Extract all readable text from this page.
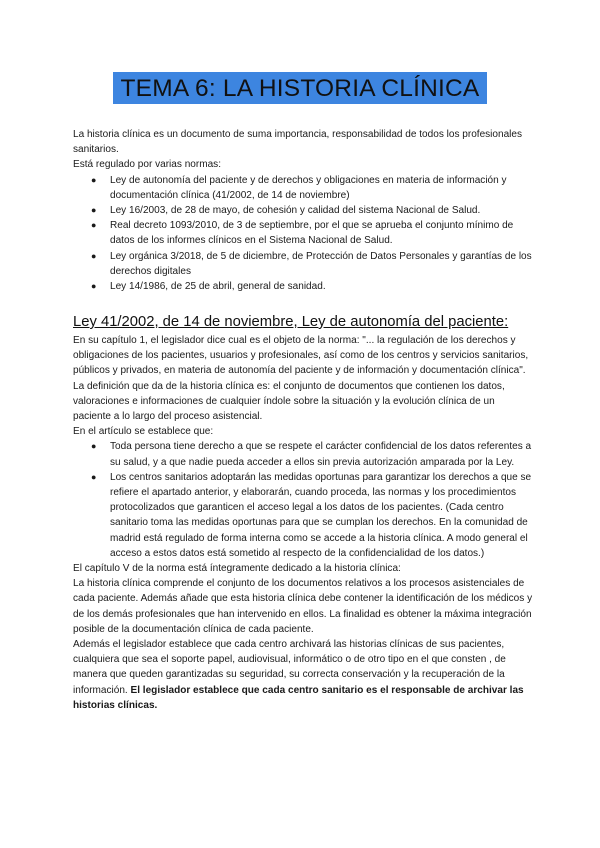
TEMA 6: LA HISTORIA CLÍNICA

La historia clínica es un documento de suma importancia, responsabilidad de todos los profesionales sanitarios.

Está regulado por varias normas:

● Ley de autonomía del paciente y de derechos y obligaciones en materia de información y documentación clínica (41/2002, de 14 de noviembre)
● Ley 16/2003, de 28 de mayo, de cohesión y calidad del sistema Nacional de Salud.
● Real decreto 1093/2010, de 3 de septiembre, por el que se aprueba el conjunto mínimo de datos de los informes clínicos en el Sistema Nacional de Salud.
● Ley orgánica 3/2018, de 5 de diciembre, de Protección de Datos Personales y garantías de los derechos digitales
● Ley 14/1986, de 25 de abril, general de sanidad.
Ley 41/2002, de 14 de noviembre, Ley de autonomía del paciente:

En su capítulo 1, el legislador dice cual es el objeto de la norma: "... la regulación de los derechos y obligaciones de los pacientes, usuarios y profesionales, así como de los centros y servicios sanitarios, públicos y privados, en materia de autonomía del paciente y de información y documentación clínica".

La definición que da de la historia clínica es: el conjunto de documentos que contienen los datos, valoraciones e informaciones de cualquier índole sobre la situación y la evolución clínica de un paciente a lo largo del proceso asistencial.

En el artículo se establece que:

● Toda persona tiene derecho a que se respete el carácter confidencial de los datos referentes a su salud, y a que nadie pueda acceder a ellos sin previa autorización amparada por la Ley.
● Los centros sanitarios adoptarán las medidas oportunas para garantizar los derechos a que se refiere el apartado anterior, y elaborarán, cuando proceda, las normas y los procedimientos protocolizados que garanticen el acceso legal a los datos de los pacientes. (Cada centro sanitario toma las medidas oportunas para que se cumplan los derechos. En la comunidad de madrid está regulado de forma interna como se accede a la historia clínica. A modo general el acceso a estos datos está sometido al respecto de la confidencialidad de los datos.)

El capítulo V de la norma está íntegramente dedicado a la historia clínica:

La historia clínica comprende el conjunto de los documentos relativos a los procesos asistenciales de cada paciente. Además añade que esta historia clínica debe contener la identificación de los médicos y de los demás profesionales que han intervenido en ellos. La finalidad es obtener la máxima integración posible de la documentación clínica de cada paciente.

Además el legislador establece que cada centro archivará las historias clínicas de sus pacientes, cualquiera que sea el soporte papel, audiovisual, informático o de otro tipo en el que consten , de manera que queden garantizadas su seguridad, su correcta conservación y la recuperación de la información. El legislador establece que cada centro sanitario es el responsable de archivar las historias clínicas.
